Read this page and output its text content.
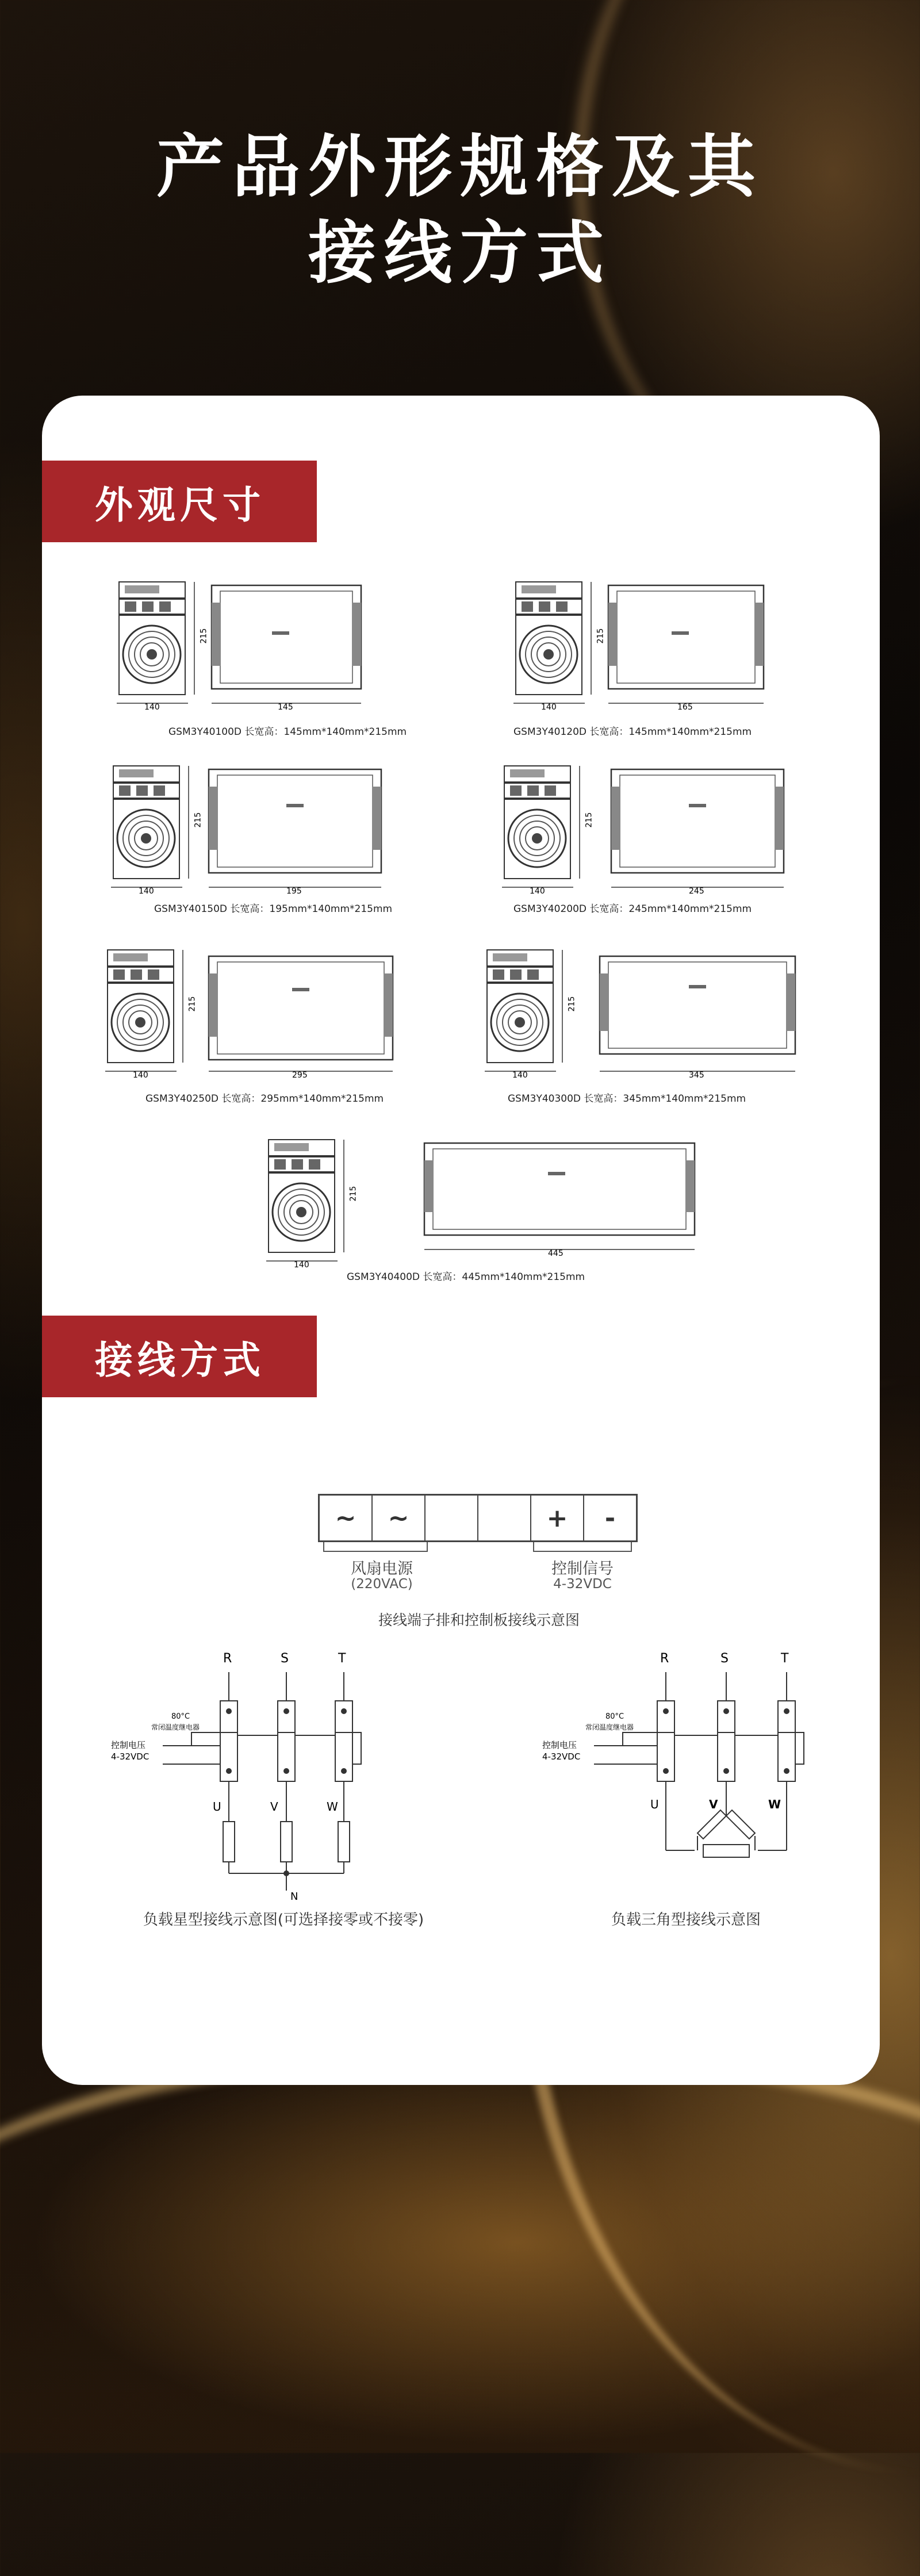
产品外形规格及其
接线方式
外观尺寸
140
215
145
GSM3Y40100D 长宽高：145mm*140mm*215mm
140
215
165
GSM3Y40120D 长宽高：145mm*140mm*215mm
140
215
195
GSM3Y40150D 长宽高：195mm*140mm*215mm
140
215
245
GSM3Y40200D 长宽高：245mm*140mm*215mm
140
215
295
GSM3Y40250D 长宽高：295mm*140mm*215mm
140
215
345
GSM3Y40300D 长宽高：345mm*140mm*215mm
140
215
445
GSM3Y40400D 长宽高：445mm*140mm*215mm
接线方式
~	~	+	-
风扇电源
(220VAC)
控制信号
4-32VDC
接线端子排和控制板接线示意图
R	S	T
U	V	W
N
80°C
常闭温度继电器
控制电压
4-32VDC
负载星型接线示意图(可选择接零或不接零)
R	S	T
U	V	W
80°C
常闭温度继电器
控制电压
4-32VDC
负载三角型接线示意图
